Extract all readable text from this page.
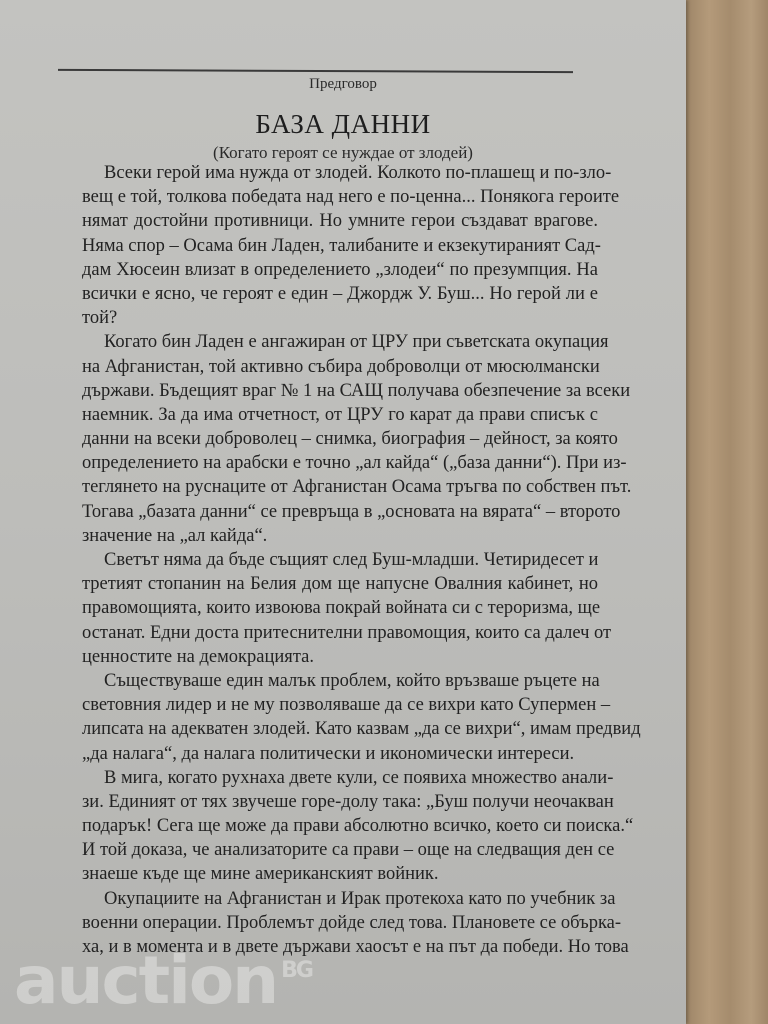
Предговор
БАЗА ДАННИ
(Когато героят се нуждае от злодей)
Всеки герой има нужда от злодей. Колкото по-плашещ и по-зло-
вещ е той, толкова победата над него е по-ценна... Понякога героите
нямат достойни противници. Но умните герои създават врагове.
Няма спор – Осама бин Ладен, талибаните и екзекутираният Сад-
дам Хюсеин влизат в определението „злодеи“ по презумпция. На
всички е ясно, че героят е един – Джордж У. Буш... Но герой ли е
той?
Когато бин Ладен е ангажиран от ЦРУ при съветската окупация
на Афганистан, той активно събира доброволци от мюсюлмански
държави. Бъдещият враг № 1 на САЩ получава обезпечение за всеки
наемник. За да има отчетност, от ЦРУ го карат да прави списък с
данни на всеки доброволец – снимка, биография – дейност, за която
определението на арабски е точно „ал кайда“ („база данни“). При из-
теглянето на руснаците от Афганистан Осама тръгва по собствен път.
Тогава „базата данни“ се превръща в „основата на вярата“ – второто
значение на „ал кайда“.
Светът няма да бъде същият след Буш-младши. Четиридесет и
третият стопанин на Белия дом ще напусне Овалния кабинет, но
правомощията, които извоюва покрай войната си с тероризма, ще
останат. Едни доста притеснителни правомощия, които са далеч от
ценностите на демокрацията.
Съществуваше един малък проблем, който връзваше ръцете на
световния лидер и не му позволяваше да се вихри като Супермен –
липсата на адекватен злодей. Като казвам „да се вихри“, имам предвид
„да налага“, да налага политически и икономически интереси.
В мига, когато рухнаха двете кули, се появиха множество анали-
зи. Единият от тях звучеше горе-долу така: „Буш получи неочакван
подарък! Сега ще може да прави абсолютно всичко, което си поиска.“
И той доказа, че анализаторите са прави – още на следващия ден се
знаеше къде ще мине американският войник.
Окупациите на Афганистан и Ирак протекоха като по учебник за
военни операции. Проблемът дойде след това. Плановете се обърка-
ха, и в момента и в двете държави хаосът е на път да победи. Но това
auction $^{BG}$
